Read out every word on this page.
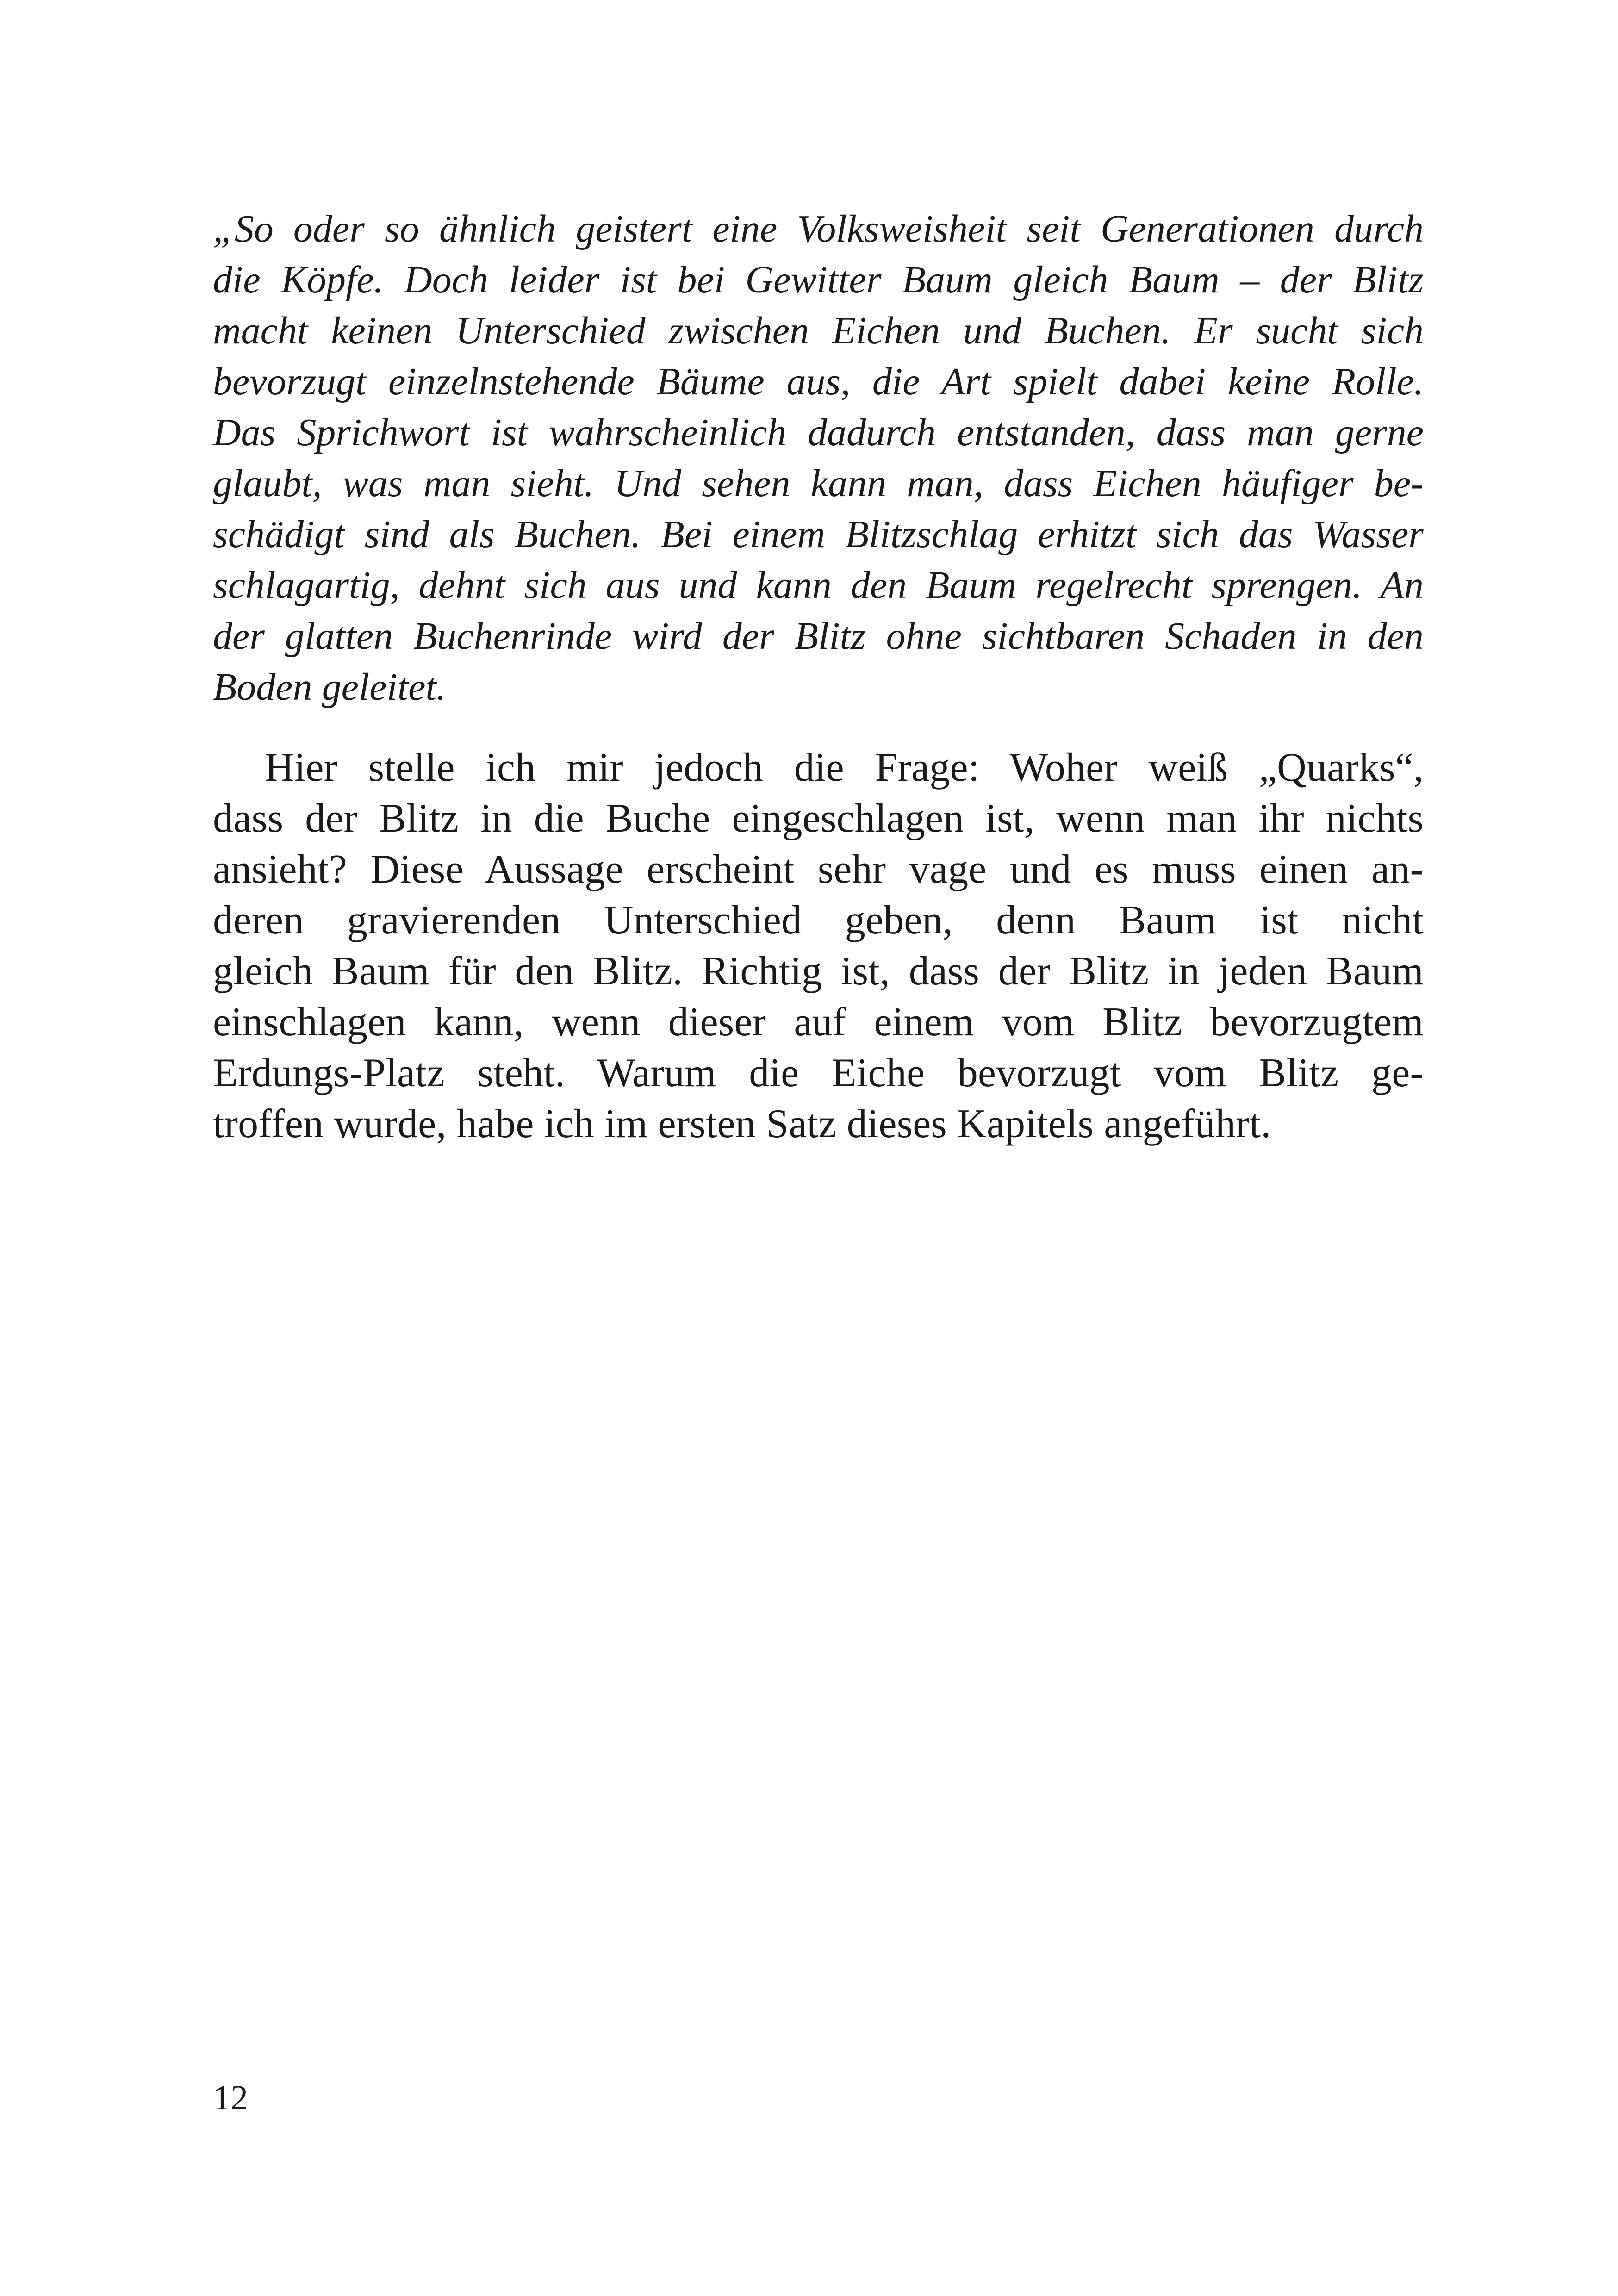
„So oder so ähnlich geistert eine Volksweisheit seit Generationen durch
die Köpfe. Doch leider ist bei Gewitter Baum gleich Baum – der Blitz
macht keinen Unterschied zwischen Eichen und Buchen. Er sucht sich
bevorzugt einzelnstehende Bäume aus, die Art spielt dabei keine Rolle.
Das Sprichwort ist wahrscheinlich dadurch entstanden, dass man gerne
glaubt, was man sieht. Und sehen kann man, dass Eichen häufiger be-
schädigt sind als Buchen. Bei einem Blitzschlag erhitzt sich das Wasser
schlagartig, dehnt sich aus und kann den Baum regelrecht sprengen. An
der glatten Buchenrinde wird der Blitz ohne sichtbaren Schaden in den
Boden geleitet.
Hier stelle ich mir jedoch die Frage: Woher weiß „Quarks“,
dass der Blitz in die Buche eingeschlagen ist, wenn man ihr nichts
ansieht? Diese Aussage erscheint sehr vage und es muss einen an-
deren gravierenden Unterschied geben, denn Baum ist nicht
gleich Baum für den Blitz. Richtig ist, dass der Blitz in jeden Baum
einschlagen kann, wenn dieser auf einem vom Blitz bevorzugtem
Erdungs-Platz steht. Warum die Eiche bevorzugt vom Blitz ge-
troffen wurde, habe ich im ersten Satz dieses Kapitels angeführt.
12
